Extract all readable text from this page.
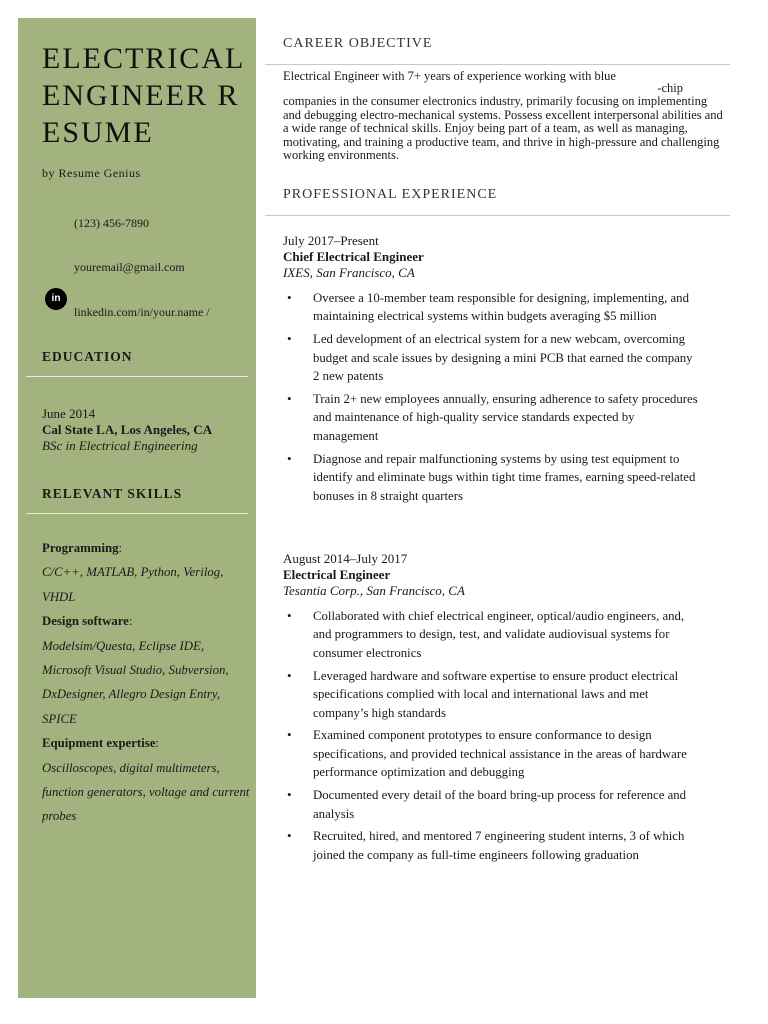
ELECTRICAL ENGINEER RESUME
by Resume Genius
(123) 456-7890
youremail@gmail.com
in
linkedin.com/in/your.name /
EDUCATION
June 2014
Cal State LA, Los Angeles, CA
BSc in Electrical Engineering
RELEVANT SKILLS
Programming:
C/C++, MATLAB, Python, Verilog, VHDL
Design software:
Modelsim/Questa, Eclipse IDE, Microsoft Visual Studio, Subversion, DxDesigner, Allegro Design Entry, SPICE
Equipment expertise:
Oscilloscopes, digital multimeters, function generators, voltage and current probes
CAREER OBJECTIVE
Electrical Engineer with 7+ years of experience working with blue
-chip
companies in the consumer electronics industry, primarily focusing on implementing and debugging electro-mechanical systems. Possess excellent interpersonal abilities and a wide range of technical skills. Enjoy being part of a team, as well as managing, motivating, and training a productive team, and thrive in high-pressure and challenging working environments.
PROFESSIONAL EXPERIENCE
July 2017–Present
Chief Electrical Engineer
IXES, San Francisco, CA
• Oversee a 10-member team responsible for designing, implementing, and maintaining electrical systems within budgets averaging $5 million
• Led development of an electrical system for a new webcam, overcoming budget and scale issues by designing a mini PCB that earned the company 2 new patents
• Train 2+ new employees annually, ensuring adherence to safety procedures and maintenance of high-quality service standards expected by management
• Diagnose and repair malfunctioning systems by using test equipment to identify and eliminate bugs within tight time frames, earning speed-related bonuses in 8 straight quarters
August 2014–July 2017
Electrical Engineer
Tesantia Corp., San Francisco, CA
• Collaborated with chief electrical engineer, optical/audio engineers, and, and programmers to design, test, and validate audiovisual systems for consumer electronics
• Leveraged hardware and software expertise to ensure product electrical specifications complied with local and international laws and met company’s high standards
• Examined component prototypes to ensure conformance to design specifications, and provided technical assistance in the areas of hardware performance optimization and debugging
• Documented every detail of the board bring-up process for reference and analysis
• Recruited, hired, and mentored 7 engineering student interns, 3 of which joined the company as full-time engineers following graduation
